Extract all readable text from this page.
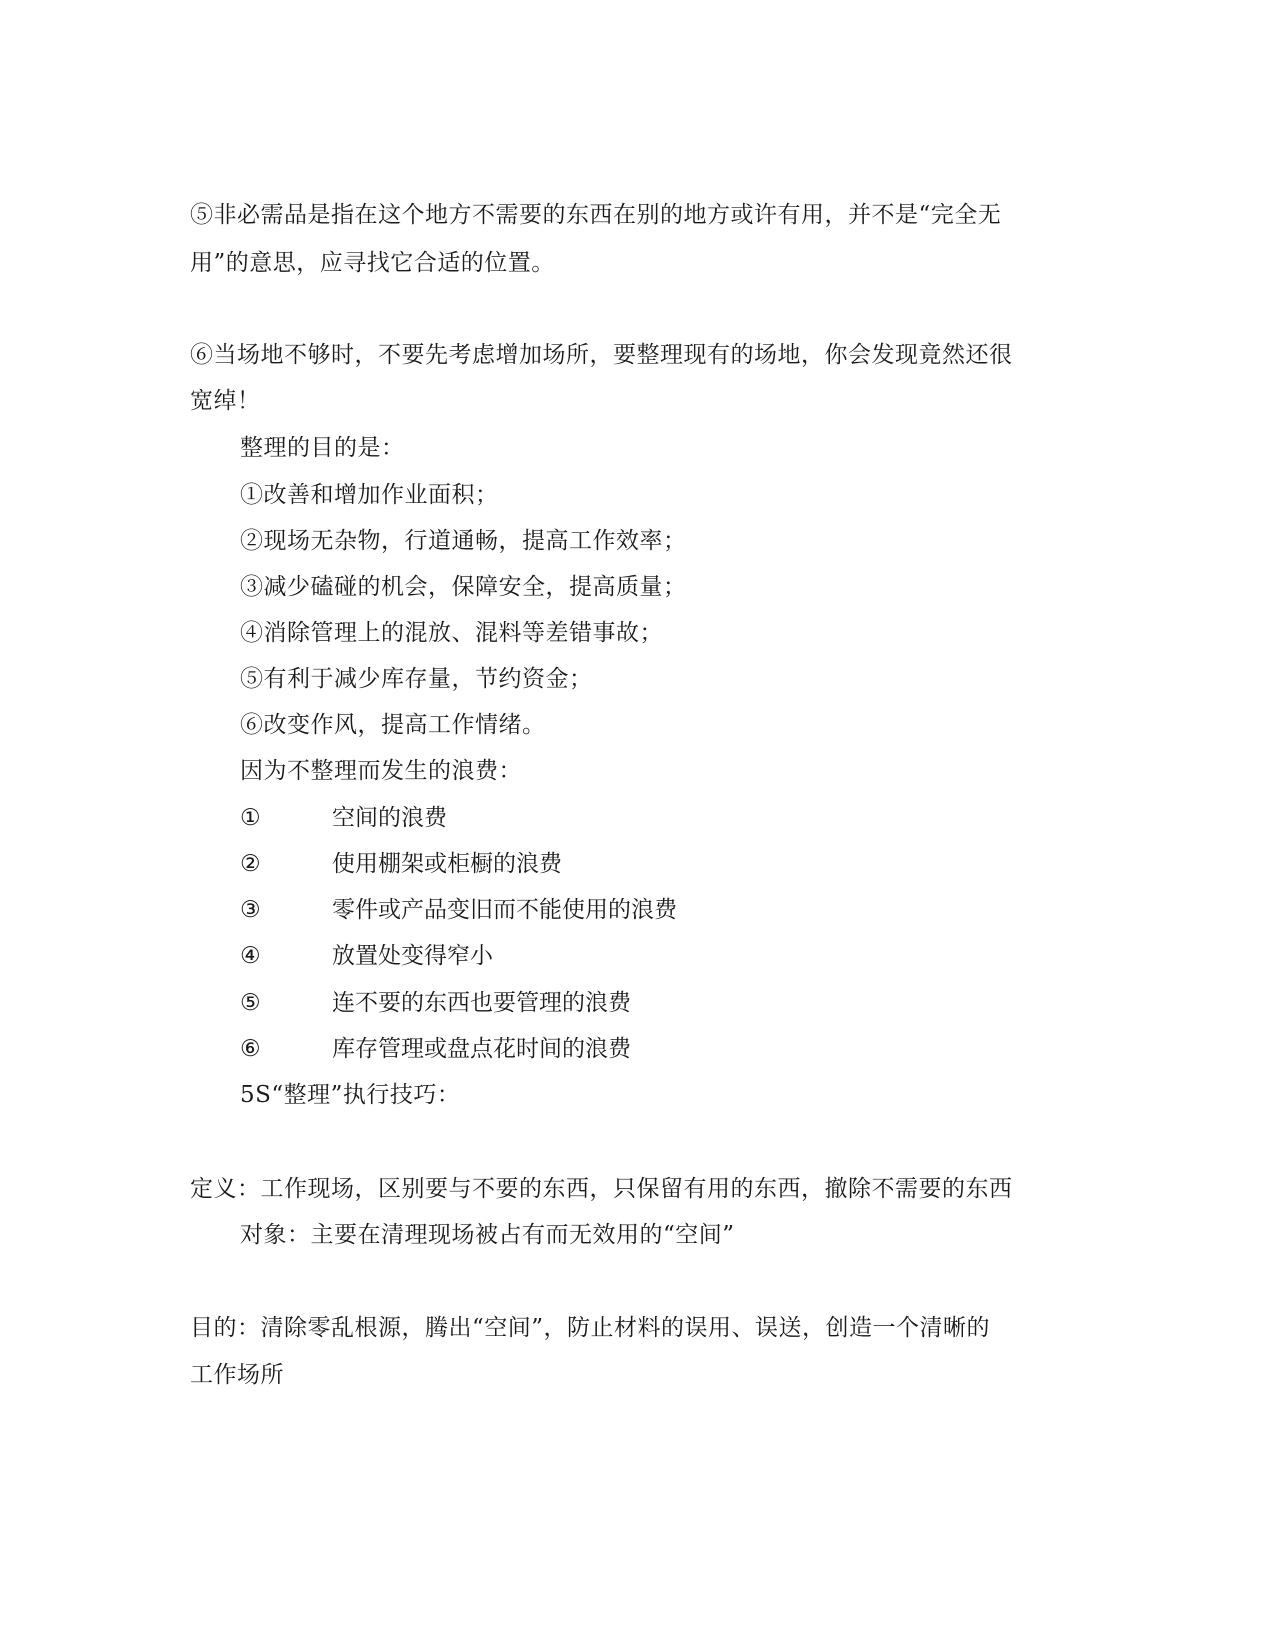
⑤非必需品是指在这个地方不需要的东西在别的地方或许有用，并不是“完全无
用”的意思，应寻找它合适的位置。
⑥当场地不够时，不要先考虑增加场所，要整理现有的场地，你会发现竟然还很
宽绰！
整理的目的是：
①改善和增加作业面积；
②现场无杂物，行道通畅，提高工作效率；
③减少磕碰的机会，保障安全，提高质量；
④消除管理上的混放、混料等差错事故；
⑤有利于减少库存量，节约资金；
⑥改变作风，提高工作情绪。
因为不整理而发生的浪费：
①	空间的浪费
②	使用棚架或柜橱的浪费
③	零件或产品变旧而不能使用的浪费
④	放置处变得窄小
⑤	连不要的东西也要管理的浪费
⑥	库存管理或盘点花时间的浪费
5S“整理”执行技巧：
定义：工作现场，区别要与不要的东西，只保留有用的东西，撤除不需要的东西
对象：主要在清理现场被占有而无效用的“空间”
目的：清除零乱根源，腾出“空间”，防止材料的误用、误送，创造一个清晰的
工作场所
